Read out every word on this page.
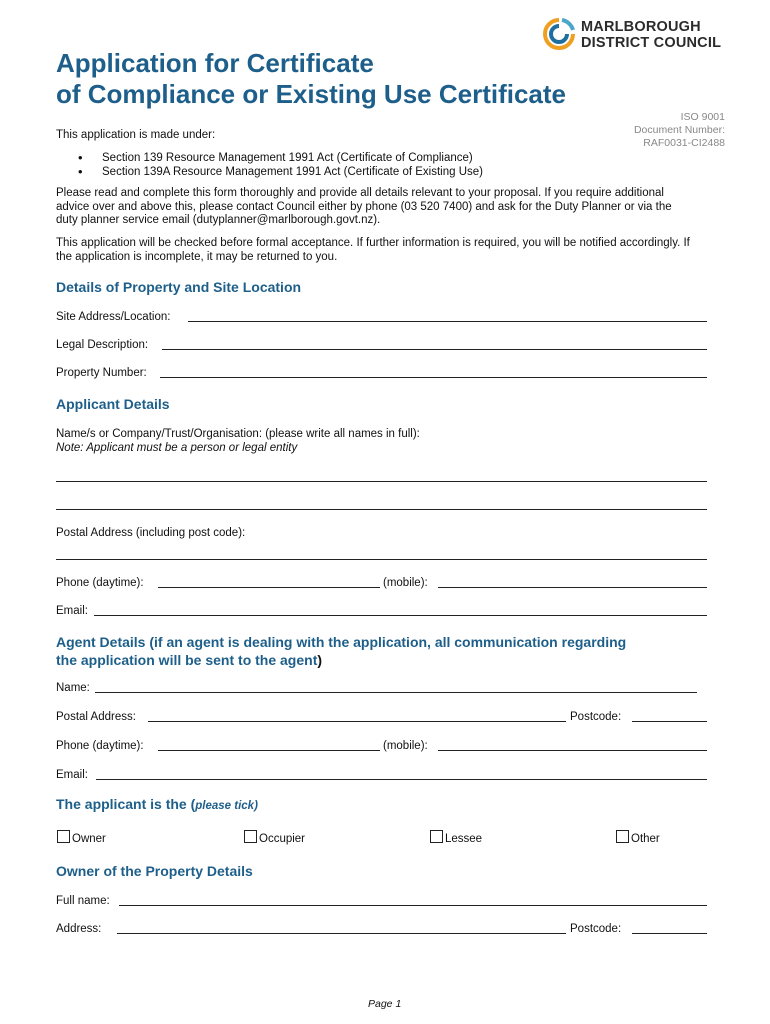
Application for Certificate
of Compliance or Existing Use Certificate
MARLBOROUGH
DISTRICT COUNCIL
ISO 9001
Document Number:
RAF0031-CI2488
This application is made under:
• Section 139 Resource Management 1991 Act (Certificate of Compliance)
• Section 139A Resource Management 1991 Act (Certificate of Existing Use)
Please read and complete this form thoroughly and provide all details relevant to your proposal. If you require additional advice over and above this, please contact Council either by phone (03 520 7400) and ask for the Duty Planner or via the duty planner service email (dutyplanner@marlborough.govt.nz).
This application will be checked before formal acceptance. If further information is required, you will be notified accordingly. If the application is incomplete, it may be returned to you.
Details of Property and Site Location
Site Address/Location:
Legal Description:
Property Number:
Applicant Details
Name/s or Company/Trust/Organisation: (please write all names in full):
Note: Applicant must be a person or legal entity
Postal Address (including post code):
Phone (daytime):	(mobile):
Email:
Agent Details (if an agent is dealing with the application, all communication regarding
the application will be sent to the agent)
Name:
Postal Address:	Postcode:
Phone (daytime):	(mobile):
Email:
The applicant is the (please tick)
Owner	Occupier	Lessee	Other
Owner of the Property Details
Full name:
Address:	Postcode:
Page 1
